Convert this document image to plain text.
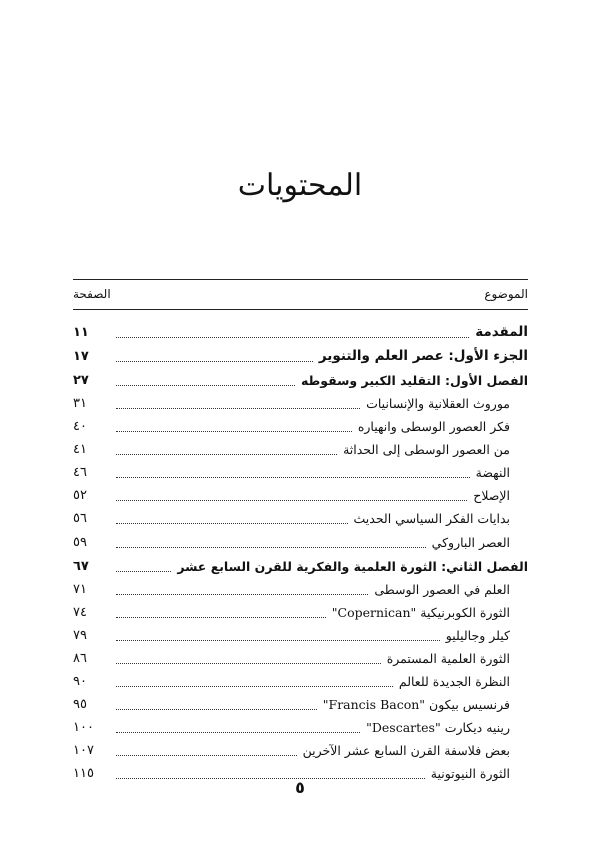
المحتويات
الموضوع
الصفحة
المقدمة
١١
الجزء الأول: عصر العلم والتنوير
١٧
الفصل الأول: التقليد الكبير وسقوطه
٢٧
موروث العقلانية والإنسانيات
٣١
فكر العصور الوسطى وانهياره
٤٠
من العصور الوسطى إلى الحداثة
٤١
النهضة
٤٦
الإصلاح
٥٢
بدايات الفكر السياسي الحديث
٥٦
العصر الباروكي
٥٩
الفصل الثاني: الثورة العلمية والفكرية للقرن السابع عشر
٦٧
العلم في العصور الوسطى
٧١
الثورة الكوبرنيكية "Copernican"
٧٤
كيلر وجاليليو
٧٩
الثورة العلمية المستمرة
٨٦
النظرة الجديدة للعالم
٩٠
فرنسيس بيكون "Francis Bacon"
٩٥
رينيه ديكارت "Descartes"
١٠٠
بعض فلاسفة القرن السابع عشر الآخرين
١٠٧
الثورة النيوتونية
١١٥
٥
